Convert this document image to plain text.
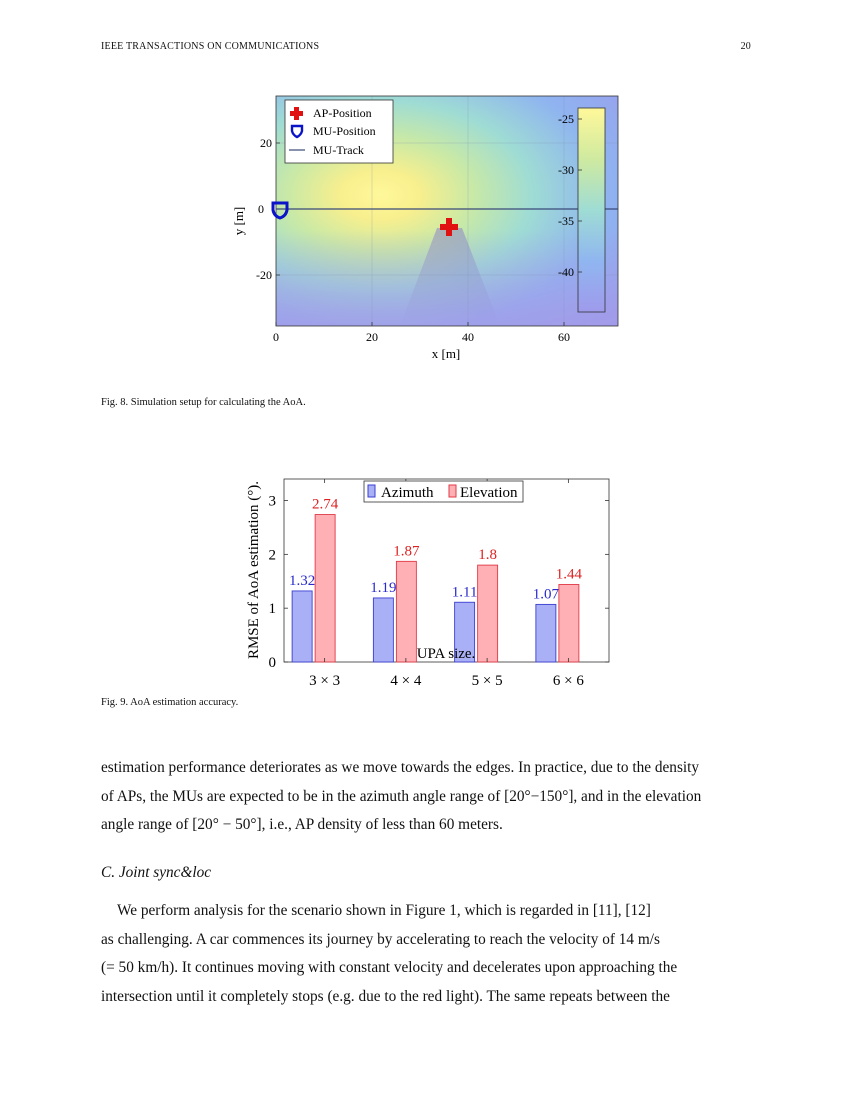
IEEE TRANSACTIONS ON COMMUNICATIONS	20
-25
-30
-35
-40
AP-Position
MU-Position
MU-Track
0	20	40	60
20
0
-20
x [m]
y [m]
Fig. 8. Simulation setup for calculating the AoA.
1.32
2.74
1.19
1.87
1.11
1.8
1.07
1.44
0
1
2
3
3 × 3	4 × 4	5 × 5	6 × 6
Azimuth Elevation
UPA size.
RMSE of AoA estimation (°).
Fig. 9. AoA estimation accuracy.

estimation performance deteriorates as we move towards the edges. In practice, due to the density

of APs, the MUs are expected to be in the azimuth angle range of [20°−150°], and in the elevation

angle range of [20° − 50°], i.e., AP density of less than 60 meters.

C. Joint sync&loc

We perform analysis for the scenario shown in Figure 1, which is regarded in [11], [12]

as challenging. A car commences its journey by accelerating to reach the velocity of 14 m/s

(= 50 km/h). It continues moving with constant velocity and decelerates upon approaching the

intersection until it completely stops (e.g. due to the red light). The same repeats between the
